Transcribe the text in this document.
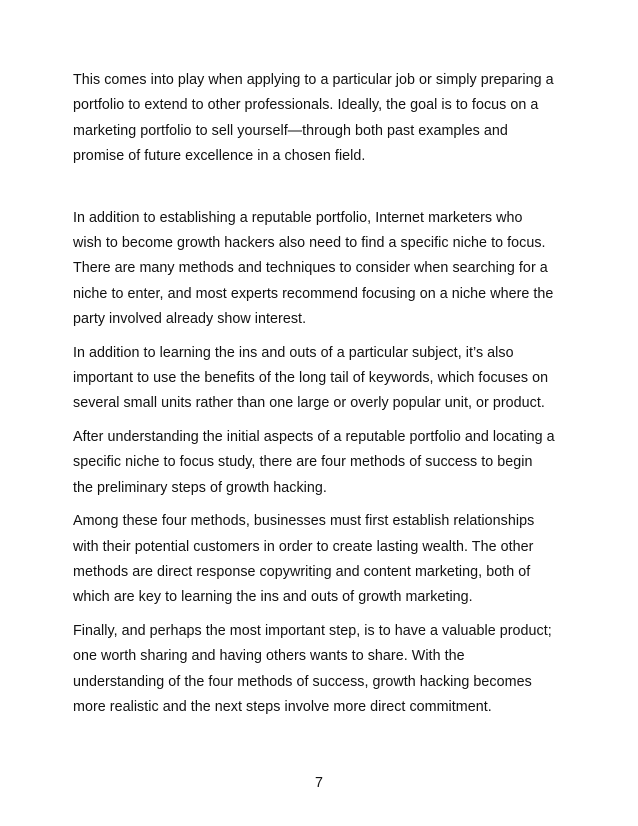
This comes into play when applying to a particular job or simply preparing a
portfolio to extend to other professionals. Ideally, the goal is to focus on a
marketing portfolio to sell yourself—through both past examples and
promise of future excellence in a chosen field.

In addition to establishing a reputable portfolio, Internet marketers who
wish to become growth hackers also need to find a specific niche to focus.
There are many methods and techniques to consider when searching for a
niche to enter, and most experts recommend focusing on a niche where the
party involved already show interest.

In addition to learning the ins and outs of a particular subject, it’s also
important to use the benefits of the long tail of keywords, which focuses on
several small units rather than one large or overly popular unit, or product.

After understanding the initial aspects of a reputable portfolio and locating a
specific niche to focus study, there are four methods of success to begin
the preliminary steps of growth hacking.

Among these four methods, businesses must first establish relationships
with their potential customers in order to create lasting wealth. The other
methods are direct response copywriting and content marketing, both of
which are key to learning the ins and outs of growth marketing.

Finally, and perhaps the most important step, is to have a valuable product;
one worth sharing and having others wants to share. With the
understanding of the four methods of success, growth hacking becomes
more realistic and the next steps involve more direct commitment.

7
